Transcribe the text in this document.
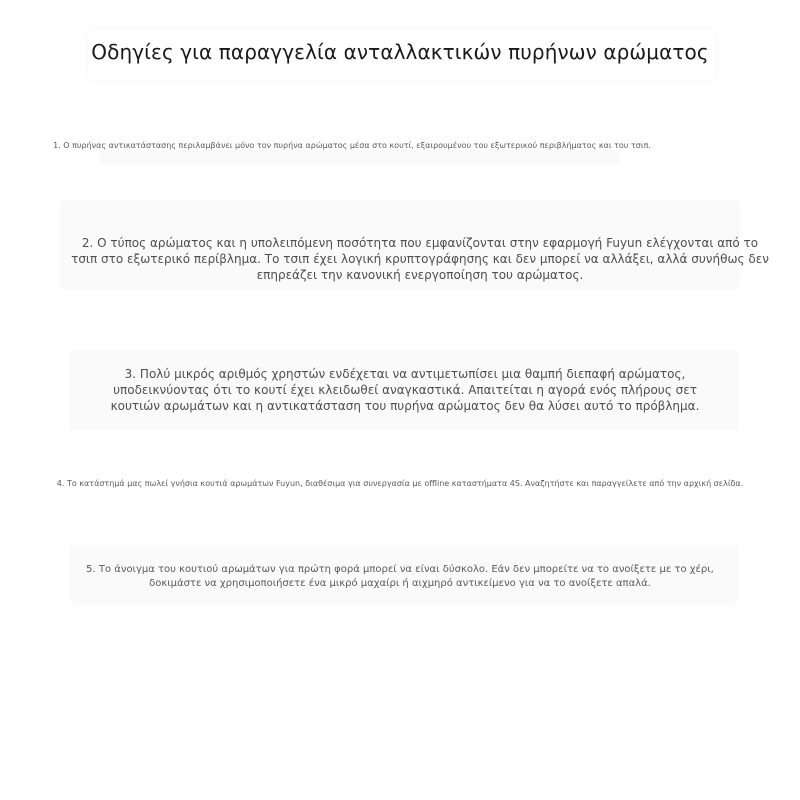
Οδηγίες για παραγγελία ανταλλακτικών πυρήνων αρώματος

1. Ο πυρήνας αντικατάστασης περιλαμβάνει μόνο τον πυρήνα αρώματος μέσα στο κουτί, εξαιρουμένου του εξωτερικού περιβλήματος και του τσιπ.

2. Ο τύπος αρώματος και η υπολειπόμενη ποσότητα που εμφανίζονται στην εφαρμογή Fuyun ελέγχονται από το τσιπ στο εξωτερικό περίβλημα. Το τσιπ έχει λογική κρυπτογράφησης και δεν μπορεί να αλλάξει, αλλά συνήθως δεν επηρεάζει την κανονική ενεργοποίηση του αρώματος.

3. Πολύ μικρός αριθμός χρηστών ενδέχεται να αντιμετωπίσει μια θαμπή διεπαφή αρώματος, υποδεικνύοντας ότι το κουτί έχει κλειδωθεί αναγκαστικά. Απαιτείται η αγορά ενός πλήρους σετ κουτιών αρωμάτων και η αντικατάσταση του πυρήνα αρώματος δεν θα λύσει αυτό το πρόβλημα.

4. Το κατάστημά μας πωλεί γνήσια κουτιά αρωμάτων Fuyun, διαθέσιμα για συνεργασία με offline καταστήματα 4S. Αναζητήστε και παραγγείλετε από την αρχική σελίδα.

5. Το άνοιγμα του κουτιού αρωμάτων για πρώτη φορά μπορεί να είναι δύσκολο. Εάν δεν μπορείτε να το ανοίξετε με το χέρι, δοκιμάστε να χρησιμοποιήσετε ένα μικρό μαχαίρι ή αιχμηρό αντικείμενο για να το ανοίξετε απαλά.
